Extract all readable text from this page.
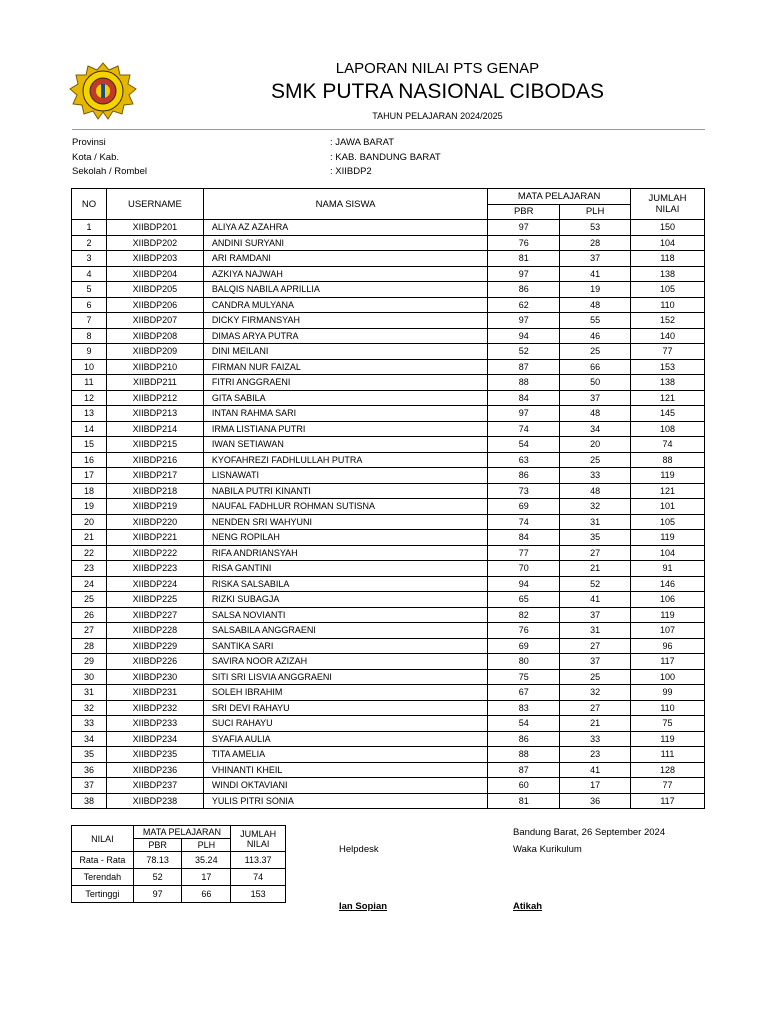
LAPORAN NILAI PTS GENAP
SMK PUTRA NASIONAL CIBODAS
TAHUN PELAJARAN 2024/2025
Provinsi	: JAWA BARAT
Kota / Kab.	: KAB. BANDUNG BARAT
Sekolah / Rombel	: XIIBDP2
NO	USERNAME	NAMA SISWA	MATA PELAJARAN		JUMLAH
NILAI
			PBR	PLH	
1	XIIBDP201	ALIYA AZ AZAHRA	97	53	150
2	XIIBDP202	ANDINI SURYANI	76	28	104
3	XIIBDP203	ARI RAMDANI	81	37	118
4	XIIBDP204	AZKIYA NAJWAH	97	41	138
5	XIIBDP205	BALQIS NABILA APRILLIA	86	19	105
6	XIIBDP206	CANDRA MULYANA	62	48	110
7	XIIBDP207	DICKY FIRMANSYAH	97	55	152
8	XIIBDP208	DIMAS ARYA PUTRA	94	46	140
9	XIIBDP209	DINI MEILANI	52	25	77
10	XIIBDP210	FIRMAN NUR FAIZAL	87	66	153
11	XIIBDP211	FITRI ANGGRAENI	88	50	138
12	XIIBDP212	GITA SABILA	84	37	121
13	XIIBDP213	INTAN RAHMA SARI	97	48	145
14	XIIBDP214	IRMA LISTIANA PUTRI	74	34	108
15	XIIBDP215	IWAN SETIAWAN	54	20	74
16	XIIBDP216	KYOFAHREZI FADHLULLAH PUTRA	63	25	88
17	XIIBDP217	LISNAWATI	86	33	119
18	XIIBDP218	NABILA PUTRI KINANTI	73	48	121
19	XIIBDP219	NAUFAL FADHLUR ROHMAN SUTISNA	69	32	101
20	XIIBDP220	NENDEN SRI WAHYUNI	74	31	105
21	XIIBDP221	NENG ROPILAH	84	35	119
22	XIIBDP222	RIFA ANDRIANSYAH	77	27	104
23	XIIBDP223	RISA GANTINI	70	21	91
24	XIIBDP224	RISKA SALSABILA	94	52	146
25	XIIBDP225	RIZKI SUBAGJA	65	41	106
26	XIIBDP227	SALSA NOVIANTI	82	37	119
27	XIIBDP228	SALSABILA ANGGRAENI	76	31	107
28	XIIBDP229	SANTIKA SARI	69	27	96
29	XIIBDP226	SAVIRA NOOR AZIZAH	80	37	117
30	XIIBDP230	SITI SRI LISVIA ANGGRAENI	75	25	100
31	XIIBDP231	SOLEH IBRAHIM	67	32	99
32	XIIBDP232	SRI DEVI RAHAYU	83	27	110
33	XIIBDP233	SUCI RAHAYU	54	21	75
34	XIIBDP234	SYAFIA AULIA	86	33	119
35	XIIBDP235	TITA AMELIA	88	23	111
36	XIIBDP236	VHINANTI KHEIL	87	41	128
37	XIIBDP237	WINDI OKTAVIANI	60	17	77
38	XIIBDP238	YULIS PITRI SONIA	81	36	117
NILAI	MATA PELAJARAN		JUMLAH
NILAI
	PBR	PLH	
Rata - Rata	78.13	35.24	113.37
Terendah	52	17	74
Tertinggi	97	66	153
Bandung Barat, 26 September 2024
Helpdesk	Waka Kurikulum
Ian Sopian	Atikah
